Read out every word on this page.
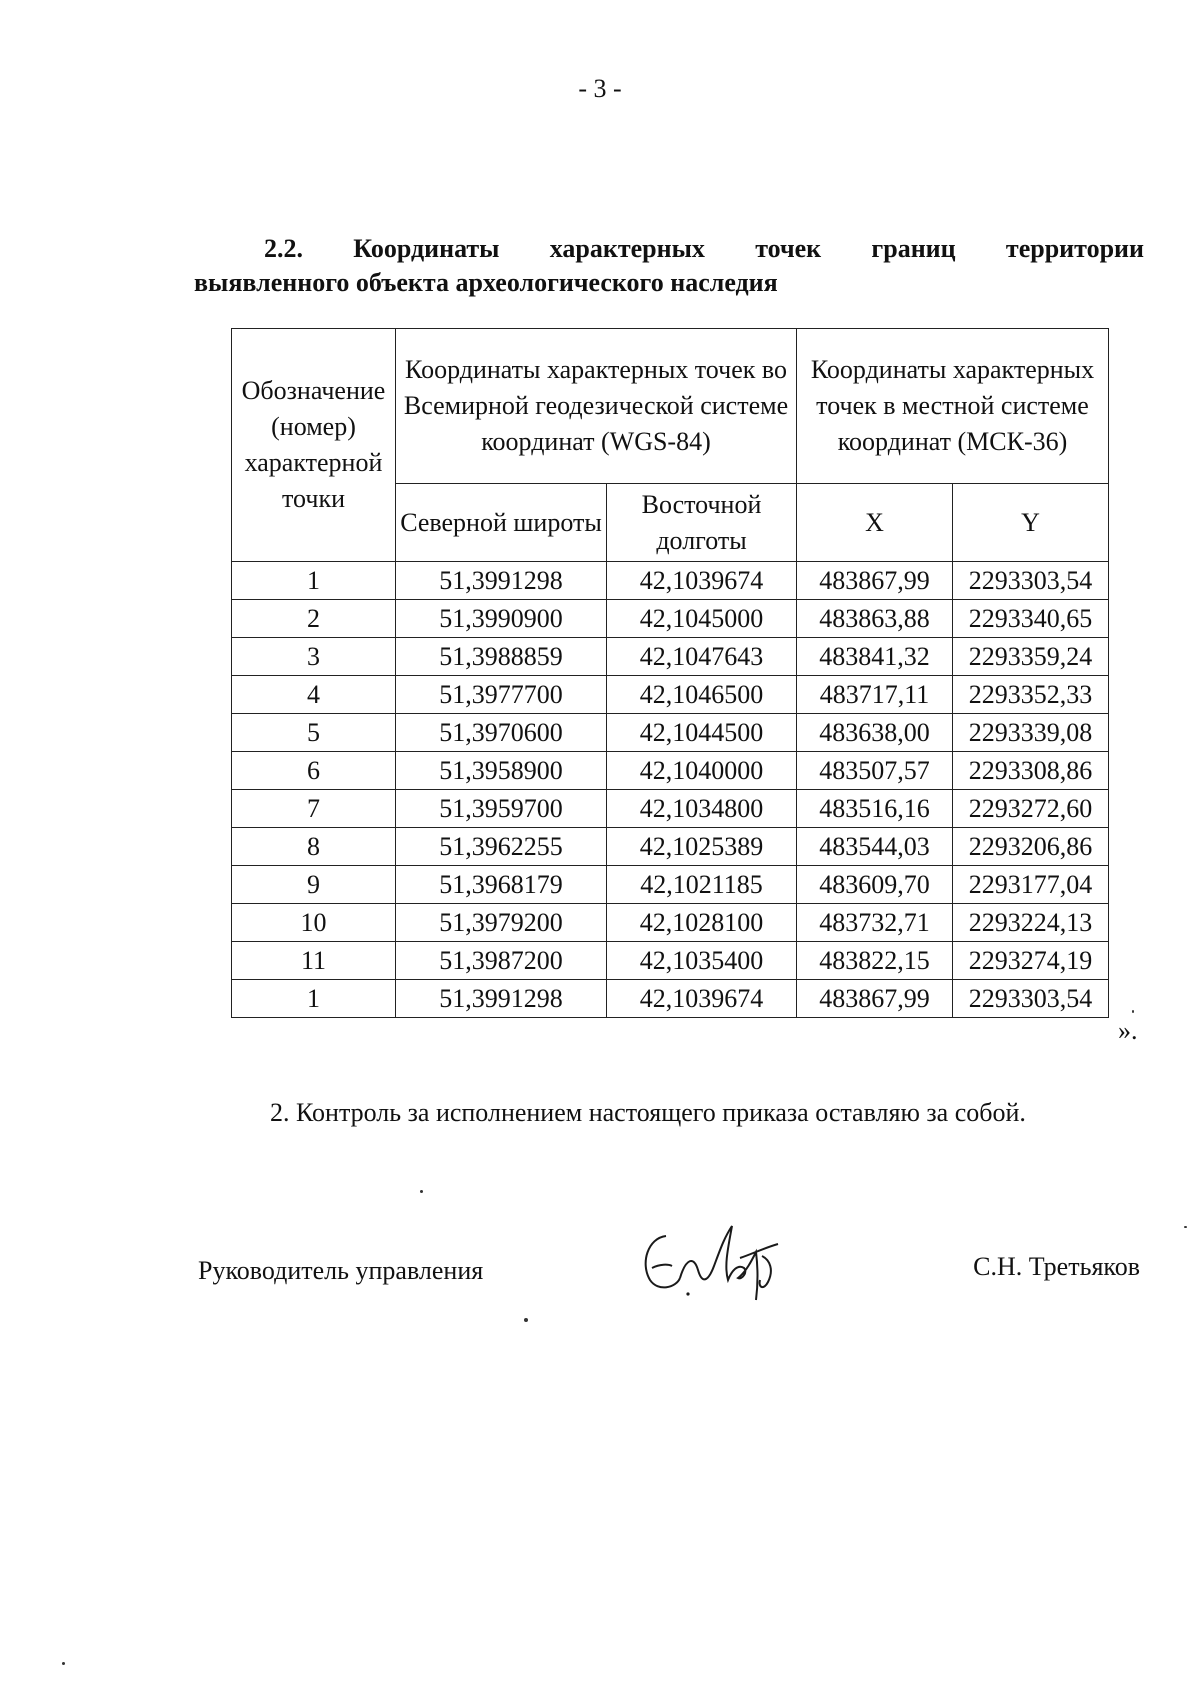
- 3 -
2.2. Координаты характерных точек границ территории
выявленного объекта археологического наследия
Обозначение (номер) характерной точки	Координаты характерных точек во Всемирной геодезической системе координат (WGS-84)		Координаты характерных точек в местной системе координат (МСК-36)	
	Северной широты	Восточной долготы	X	Y
1	51,3991298	42,1039674	483867,99	2293303,54
2	51,3990900	42,1045000	483863,88	2293340,65
3	51,3988859	42,1047643	483841,32	2293359,24
4	51,3977700	42,1046500	483717,11	2293352,33
5	51,3970600	42,1044500	483638,00	2293339,08
6	51,3958900	42,1040000	483507,57	2293308,86
7	51,3959700	42,1034800	483516,16	2293272,60
8	51,3962255	42,1025389	483544,03	2293206,86
9	51,3968179	42,1021185	483609,70	2293177,04
10	51,3979200	42,1028100	483732,71	2293224,13
11	51,3987200	42,1035400	483822,15	2293274,19
1	51,3991298	42,1039674	483867,99	2293303,54
».
2. Контроль за исполнением настоящего приказа оставляю за собой.
Руководитель управления	С.Н. Третьяков
